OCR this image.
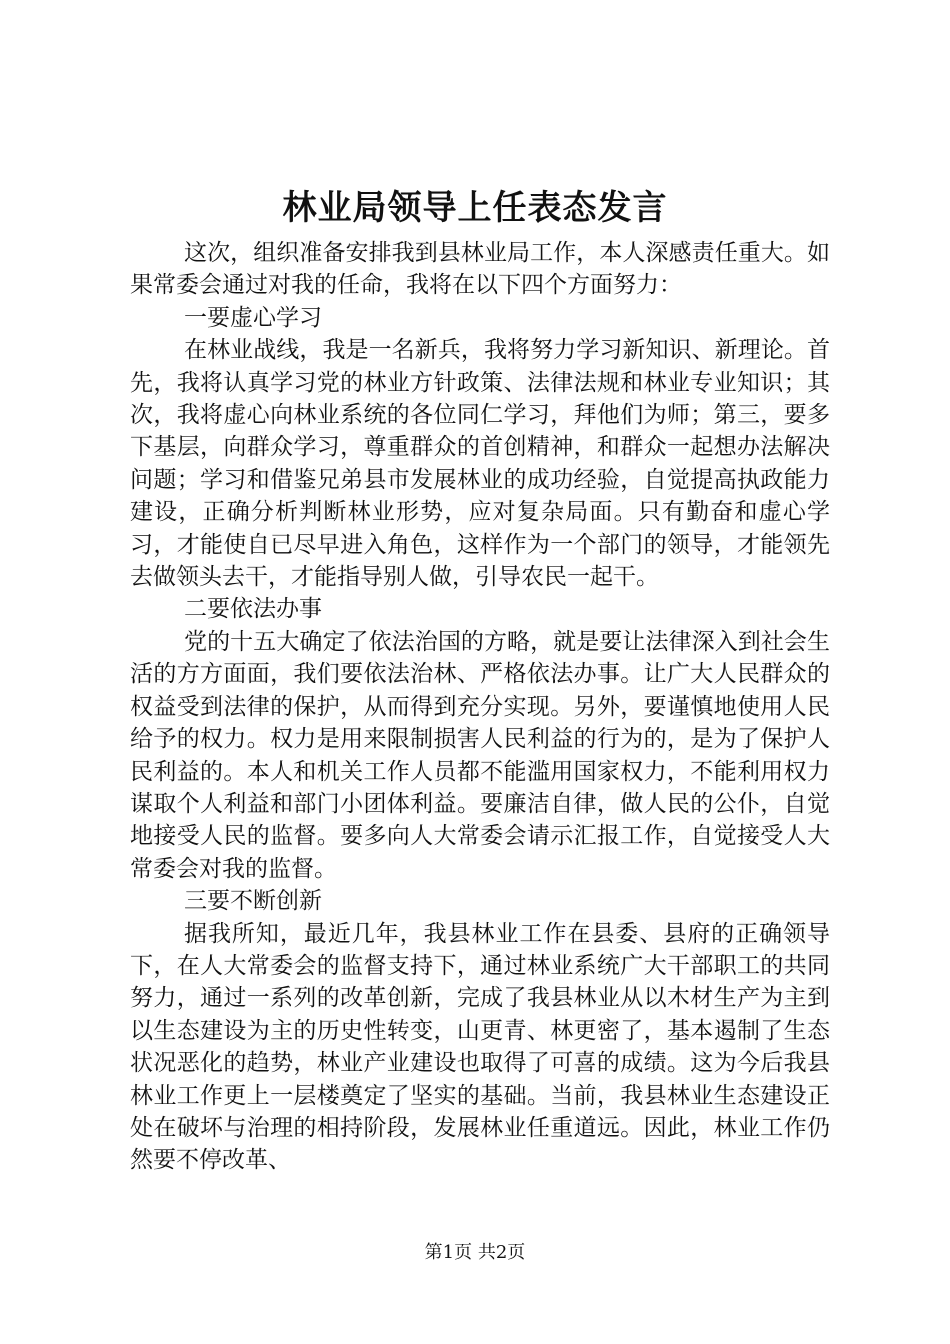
林业局领导上任表态发言

这次，组织准备安排我到县林业局工作，本人深感责任重大。如果常委会通过对我的任命，我将在以下四个方面努力：

一要虚心学习

在林业战线，我是一名新兵，我将努力学习新知识、新理论。首先，我将认真学习党的林业方针政策、法律法规和林业专业知识；其次，我将虚心向林业系统的各位同仁学习，拜他们为师；第三，要多下基层，向群众学习，尊重群众的首创精神，和群众一起想办法解决问题；学习和借鉴兄弟县市发展林业的成功经验，自觉提高执政能力建设，正确分析判断林业形势，应对复杂局面。只有勤奋和虚心学习，才能使自已尽早进入角色，这样作为一个部门的领导，才能领先去做领头去干，才能指导别人做，引导农民一起干。

二要依法办事

党的十五大确定了依法治国的方略，就是要让法律深入到社会生活的方方面面，我们要依法治林、严格依法办事。让广大人民群众的权益受到法律的保护，从而得到充分实现。另外，要谨慎地使用人民给予的权力。权力是用来限制损害人民利益的行为的，是为了保护人民利益的。本人和机关工作人员都不能滥用国家权力，不能利用权力谋取个人利益和部门小团体利益。要廉洁自律，做人民的公仆，自觉地接受人民的监督。要多向人大常委会请示汇报工作，自觉接受人大常委会对我的监督。

三要不断创新

据我所知，最近几年，我县林业工作在县委、县府的正确领导下，在人大常委会的监督支持下，通过林业系统广大干部职工的共同努力，通过一系列的改革创新，完成了我县林业从以木材生产为主到以生态建设为主的历史性转变，山更青、林更密了，基本遏制了生态状况恶化的趋势，林业产业建设也取得了可喜的成绩。这为今后我县林业工作更上一层楼奠定了坚实的基础。当前，我县林业生态建设正处在破坏与治理的相持阶段，发展林业任重道远。因此，林业工作仍然要不停改革、

第1页 共2页
